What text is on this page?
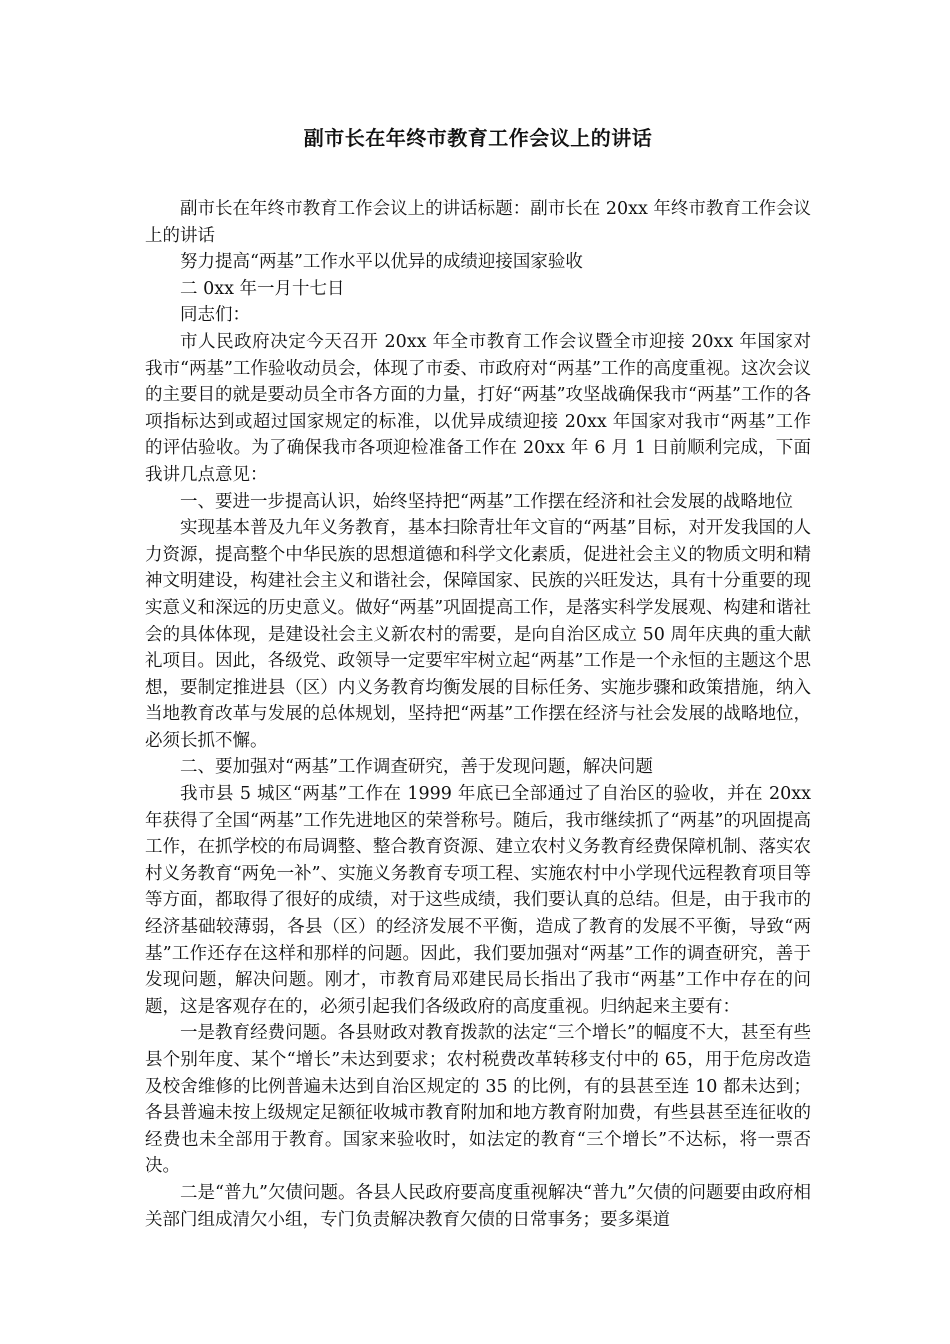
副市长在年终市教育工作会议上的讲话

副市长在年终市教育工作会议上的讲话标题：副市长在 20xx 年终市教育工作会议上的讲话

努力提高“两基”工作水平以优异的成绩迎接国家验收

二 0xx 年一月十七日

同志们：

市人民政府决定今天召开 20xx 年全市教育工作会议暨全市迎接 20xx 年国家对我市“两基”工作验收动员会，体现了市委、市政府对“两基”工作的高度重视。这次会议的主要目的就是要动员全市各方面的力量，打好“两基”攻坚战确保我市“两基”工作的各项指标达到或超过国家规定的标准，以优异成绩迎接 20xx 年国家对我市“两基”工作的评估验收。为了确保我市各项迎检准备工作在 20xx 年 6 月 1 日前顺利完成，下面我讲几点意见：

一、要进一步提高认识，始终坚持把“两基”工作摆在经济和社会发展的战略地位

实现基本普及九年义务教育，基本扫除青壮年文盲的“两基”目标，对开发我国的人力资源，提高整个中华民族的思想道德和科学文化素质，促进社会主义的物质文明和精神文明建设，构建社会主义和谐社会，保障国家、民族的兴旺发达，具有十分重要的现实意义和深远的历史意义。做好“两基”巩固提高工作，是落实科学发展观、构建和谐社会的具体体现，是建设社会主义新农村的需要，是向自治区成立 50 周年庆典的重大献礼项目。因此，各级党、政领导一定要牢牢树立起“两基”工作是一个永恒的主题这个思想，要制定推进县（区）内义务教育均衡发展的目标任务、实施步骤和政策措施，纳入当地教育改革与发展的总体规划，坚持把“两基”工作摆在经济与社会发展的战略地位，必须长抓不懈。

二、要加强对“两基”工作调查研究，善于发现问题，解决问题

我市县 5 城区“两基”工作在 1999 年底已全部通过了自治区的验收，并在 20xx 年获得了全国“两基”工作先进地区的荣誉称号。随后，我市继续抓了“两基”的巩固提高工作，在抓学校的布局调整、整合教育资源、建立农村义务教育经费保障机制、落实农村义务教育“两免一补”、实施义务教育专项工程、实施农村中小学现代远程教育项目等等方面，都取得了很好的成绩，对于这些成绩，我们要认真的总结。但是，由于我市的经济基础较薄弱，各县（区）的经济发展不平衡，造成了教育的发展不平衡，导致“两基”工作还存在这样和那样的问题。因此，我们要加强对“两基”工作的调查研究，善于发现问题，解决问题。刚才，市教育局邓建民局长指出了我市“两基”工作中存在的问题，这是客观存在的，必须引起我们各级政府的高度重视。归纳起来主要有：

一是教育经费问题。各县财政对教育拨款的法定“三个增长”的幅度不大，甚至有些县个别年度、某个“增长”未达到要求；农村税费改革转移支付中的 65，用于危房改造及校舍维修的比例普遍未达到自治区规定的 35 的比例，有的县甚至连 10 都未达到；各县普遍未按上级规定足额征收城市教育附加和地方教育附加费，有些县甚至连征收的经费也未全部用于教育。国家来验收时，如法定的教育“三个增长”不达标，将一票否决。

二是“普九”欠债问题。各县人民政府要高度重视解决“普九”欠债的问题要由政府相关部门组成清欠小组，专门负责解决教育欠债的日常事务；要多渠道
